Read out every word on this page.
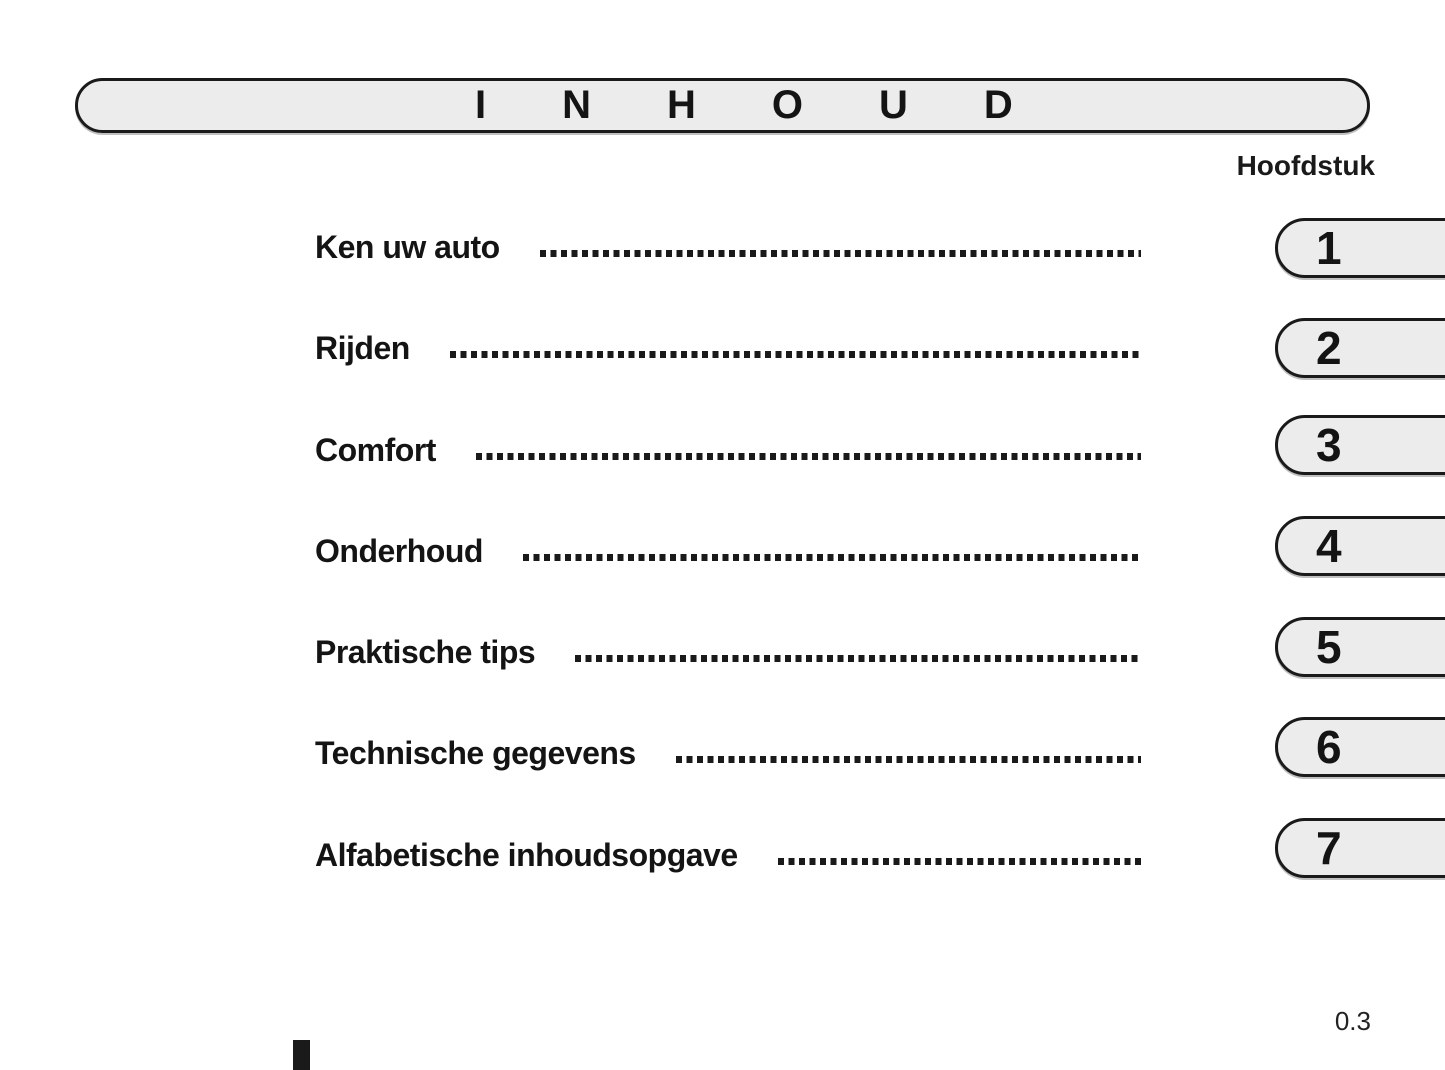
INHOUD
Hoofdstuk
Ken uw auto
Rijden
Comfort
Onderhoud
Praktische tips
Technische gegevens
Alfabetische inhoudsopgave
1
2
3
4
5
6
7
0.3
